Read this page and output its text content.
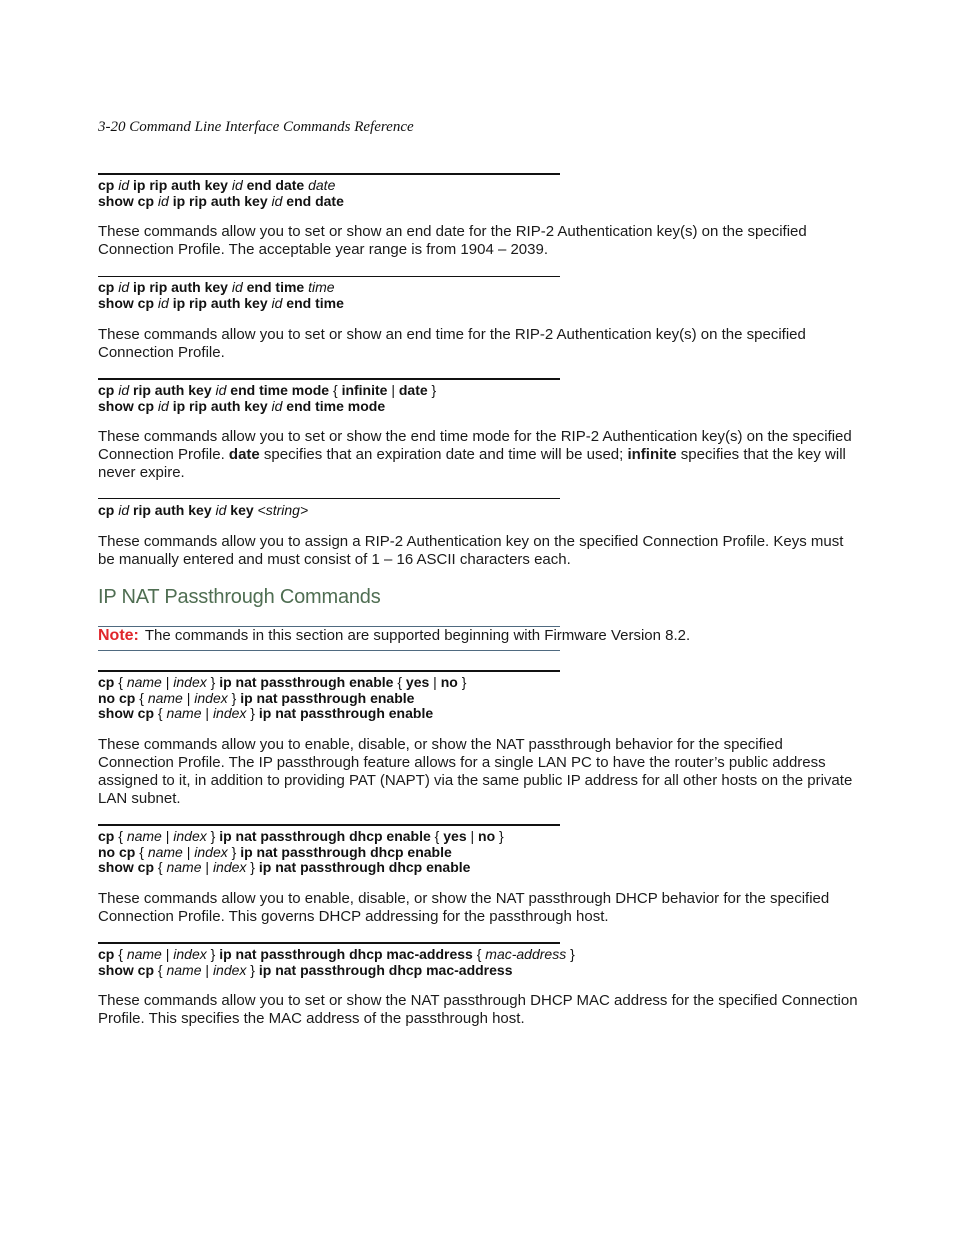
3-20 Command Line Interface Commands Reference
cp id ip rip auth key id end date date
show cp id ip rip auth key id end date
These commands allow you to set or show an end date for the RIP-2 Authentication key(s) on the specified Connection Profile. The acceptable year range is from 1904 – 2039.
cp id ip rip auth key id end time time
show cp id ip rip auth key id end time
These commands allow you to set or show an end time for the RIP-2 Authentication key(s) on the specified Connection Profile.
cp id rip auth key id end time mode { infinite | date }
show cp id ip rip auth key id end time mode
These commands allow you to set or show the end time mode for the RIP-2 Authentication key(s) on the specified Connection Profile. date specifies that an expiration date and time will be used; infinite specifies that the key will never expire.
cp id rip auth key id key <string>
These commands allow you to assign a RIP-2 Authentication key on the specified Connection Profile. Keys must be manually entered and must consist of 1 – 16 ASCII characters each.
IP NAT Passthrough Commands
Note: The commands in this section are supported beginning with Firmware Version 8.2.
cp { name | index } ip nat passthrough enable { yes | no }
no cp { name | index } ip nat passthrough enable
show cp { name | index } ip nat passthrough enable
These commands allow you to enable, disable, or show the NAT passthrough behavior for the specified Connection Profile. The IP passthrough feature allows for a single LAN PC to have the router’s public address assigned to it, in addition to providing PAT (NAPT) via the same public IP address for all other hosts on the private LAN subnet.
cp { name | index } ip nat passthrough dhcp enable { yes | no }
no cp { name | index } ip nat passthrough dhcp enable
show cp { name | index } ip nat passthrough dhcp enable
These commands allow you to enable, disable, or show the NAT passthrough DHCP behavior for the specified Connection Profile. This governs DHCP addressing for the passthrough host.
cp { name | index } ip nat passthrough dhcp mac-address { mac-address }
show cp { name | index } ip nat passthrough dhcp mac-address
These commands allow you to set or show the NAT passthrough DHCP MAC address for the specified Connection Profile. This specifies the MAC address of the passthrough host.
